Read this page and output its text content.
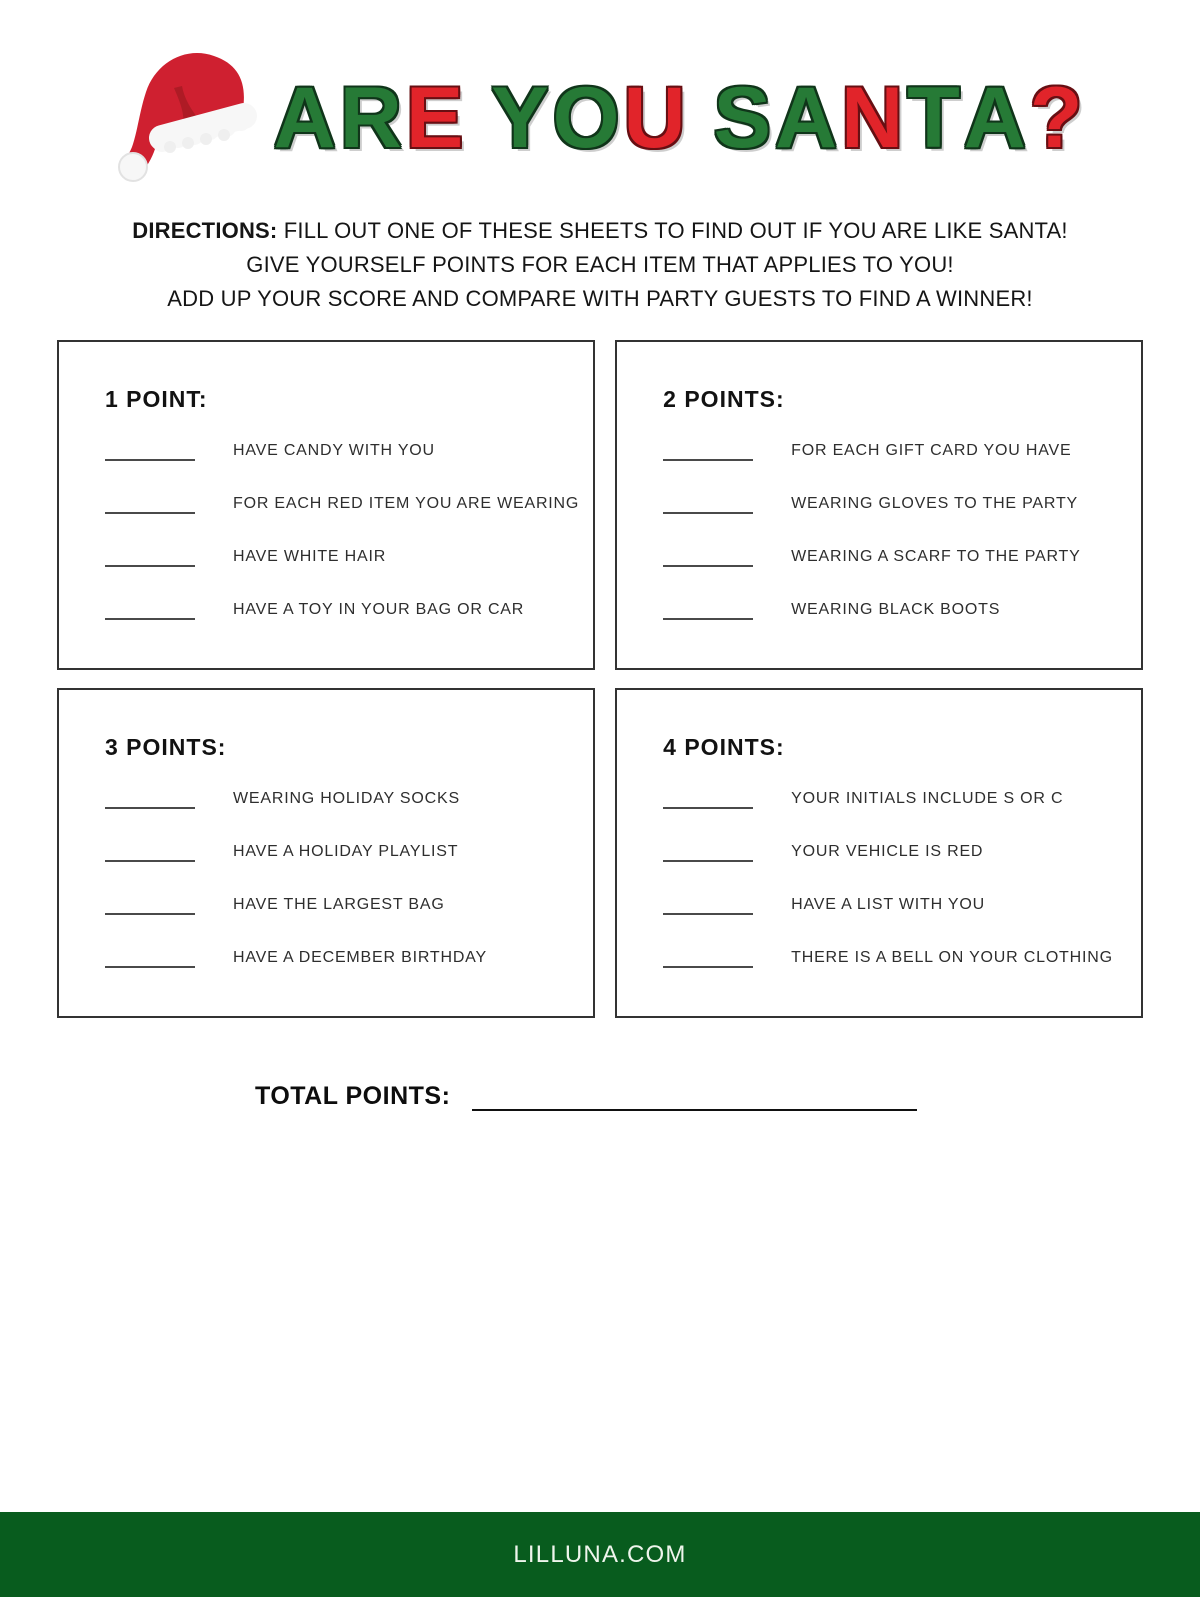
A R E Y O U S A N T A ?
DIRECTIONS: FILL OUT ONE OF THESE SHEETS TO FIND OUT IF YOU ARE LIKE SANTA!
GIVE YOURSELF POINTS FOR EACH ITEM THAT APPLIES TO YOU!
ADD UP YOUR SCORE AND COMPARE WITH PARTY GUESTS TO FIND A WINNER!
1 POINT:
HAVE CANDY WITH YOU
FOR EACH RED ITEM YOU ARE WEARING
HAVE WHITE HAIR
HAVE A TOY IN YOUR BAG OR CAR
2 POINTS:
FOR EACH GIFT CARD YOU HAVE
WEARING GLOVES TO THE PARTY
WEARING A SCARF TO THE PARTY
WEARING BLACK BOOTS
3 POINTS:
WEARING HOLIDAY SOCKS
HAVE A HOLIDAY PLAYLIST
HAVE THE LARGEST BAG
HAVE A DECEMBER BIRTHDAY
4 POINTS:
YOUR INITIALS INCLUDE S OR C
YOUR VEHICLE IS RED
HAVE A LIST WITH YOU
THERE IS A BELL ON YOUR CLOTHING
TOTAL POINTS:
LILLUNA.COM
